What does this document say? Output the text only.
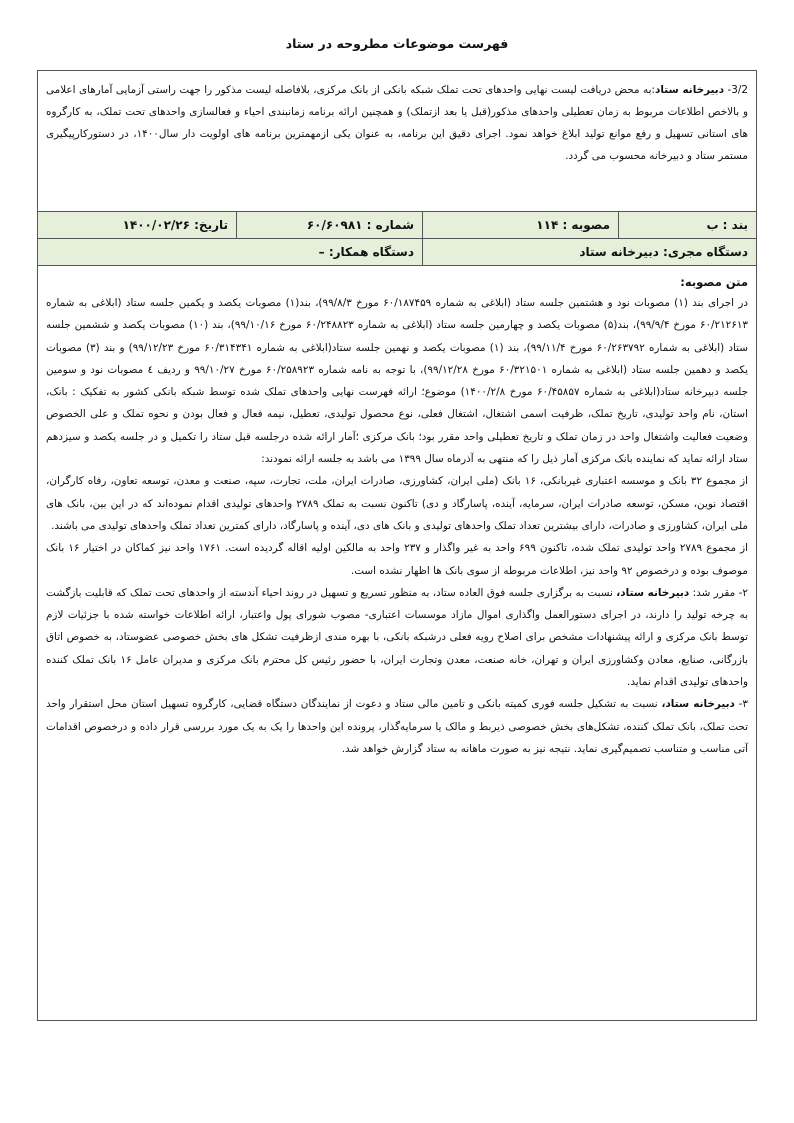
فهرست موضوعات مطروحه در ستاد
3/2- دبیرخانه ستاد:به محض دریافت لیست نهایی واحدهای تحت تملک شبکه بانکی از بانک مرکزی، بلافاصله لیست مذکور را جهت راستی آزمایی آمارهای اعلامی و بالاخص اطلاعات مربوط به زمان تعطیلی واحدهای مذکور(قبل یا بعد ازتملک) و همچنین ارائه برنامه زمانبندی احیاء و فعالسازی واحدهای تحت تملک، به کارگروه های استانی تسهیل و رفع موانع تولید ابلاغ خواهد نمود. اجرای دقیق این برنامه، به عنوان یکی ازمهمترین برنامه های اولویت دار سال۱۴۰۰، در دستورکارپیگیری مستمر ستاد و دبیرخانه محسوب می گردد.
بند : ب
مصوبه : ۱۱۴
شماره : ۶۰/۶۰۹۸۱
تاریخ: ۱۴۰۰/۰۲/۲۶
دستگاه مجری: دبیرخانه ستاد
دستگاه همکار: –
متن مصوبه:

در اجرای بند (۱) مصوبات نود و هشتمین جلسه ستاد (ابلاغی به شماره ۶۰/۱۸۷۴۵۹ مورخ ۹۹/۸/۳)، بند(۱) مصوبات یکصد و یکمین جلسه ستاد (ابلاغی به شماره ۶۰/۲۱۲۶۱۳ مورخ ۹۹/۹/۴)، بند(۵) مصوبات یکصد و چهارمین جلسه ستاد (ابلاغی به شماره ۶۰/۲۴۸۸۲۳ مورخ ۹۹/۱۰/۱۶)، بند (۱۰) مصوبات یکصد و ششمین جلسه ستاد (ابلاغی به شماره ۶۰/۲۶۳۷۹۲ مورخ ۹۹/۱۱/۴)، بند (۱) مصوبات یکصد و نهمین جلسه ستاد(ابلاغی به شماره ۶۰/۳۱۴۳۴۱ مورخ ۹۹/۱۲/۲۳) و بند (۳) مصوبات یکصد و دهمین جلسه ستاد (ابلاغی به شماره ۶۰/۳۲۱۵۰۱ مورخ ۹۹/۱۲/۲۸)، با توجه به نامه شماره ۶۰/۲۵۸۹۲۳ مورخ ۹۹/۱۰/۲۷ و ردیف ٤ مصوبات نود و سومین جلسه دبیرخانه ستاد(ابلاغی به شماره ۶۰/۴۵۸۵۷ مورخ ۱۴۰۰/۲/۸) موضوع؛ ارائه فهرست نهایی واحدهای تملک شده توسط شبکه بانکی کشور به تفکیک : بانک، استان، نام واحد تولیدی، تاریخ تملک، ظرفیت اسمی اشتغال، اشتغال فعلی، نوع محصول تولیدی، تعطیل، نیمه فعال و فعال بودن و نحوه تملک و علی الخصوص وضعیت فعالیت واشتغال واحد در زمان تملک و تاریخ تعطیلی واحد مقرر بود؛ بانک مرکزی ؛آمار ارائه شده درجلسه قبل ستاد را تکمیل و در جلسه یکصد و سیزدهم ستاد ارائه نماید که نماینده بانک مرکزی آمار ذیل را که منتهی به آذرماه سال ۱۳۹۹ می باشد به جلسه ارائه نمودند:

از مجموع ۳۲ بانک و موسسه اعتباری غیربانکی، ۱۶ بانک (ملی ایران، کشاورزی، صادرات ایران، ملت، تجارت، سپه، صنعت و معدن، توسعه تعاون، رفاه کارگران، اقتصاد نوین، مسکن، توسعه صادرات ایران، سرمایه، آینده، پاسارگاد و دی) تاکنون نسبت به تملک ۲۷۸۹ واحدهای تولیدی اقدام نموده‌اند که در این بین، بانک های ملی ایران، کشاورزی و صادرات، دارای بیشترین تعداد تملک واحدهای تولیدی و بانک های دی، آینده و پاسارگاد، دارای کمترین تعداد تملک واحدهای تولیدی می باشند.

از مجموع ۲۷۸۹ واحد تولیدی تملک شده، تاکنون ۶۹۹ واحد به غیر واگذار و ۲۳۷ واحد به مالکین اولیه اقاله گردیده است. ۱۷۶۱ واحد نیز کماکان در اختیار ۱۶ بانک موصوف بوده و درخصوص ۹۲ واحد نیز، اطلاعات مربوطه از سوی بانک ها اظهار نشده است.

۲- مقرر شد: دبیرخانه ستاد، نسبت به برگزاری جلسه فوق العاده ستاد، به منظور تسریع و تسهیل در روند احیاء آندسته از واحدهای تحت تملک که قابلیت بازگشت به چرخه تولید را دارند، در اجرای دستورالعمل واگذاری اموال مازاد موسسات اعتباری- مصوب شورای پول واعتبار، ارائه اطلاعات خواسته شده با جزئیات لازم توسط بانک مرکزی و ارائه پیشنهادات مشخص برای اصلاح رویه فعلی درشبکه بانکی، با بهره مندی ازظرفیت تشکل های بخش خصوصی عضوستاد، به خصوص اتاق بازرگانی، صنایع، معادن وکشاورزی ایران و تهران، خانه صنعت، معدن وتجارت ایران، با حضور رئیس کل محترم بانک مرکزی و مدیران عامل ۱۶ بانک تملک کننده واحدهای تولیدی اقدام نماید.

۳- دبیرخانه ستاد، نسبت به تشکیل جلسه فوری کمیته بانکی و تامین مالی ستاد و دعوت از نمایندگان دستگاه قضایی، کارگروه تسهیل استان محل استقرار واحد تحت تملک، بانک تملک کننده، تشکل‌های بخش خصوصی ذیربط و مالک یا سرمایه‌گذار، پرونده این واحدها را یک به یک مورد بررسی قرار داده و درخصوص اقدامات آتی مناسب و متناسب تصمیم‌گیری نماید. نتیجه نیز به صورت ماهانه به ستاد گزارش خواهد شد.
